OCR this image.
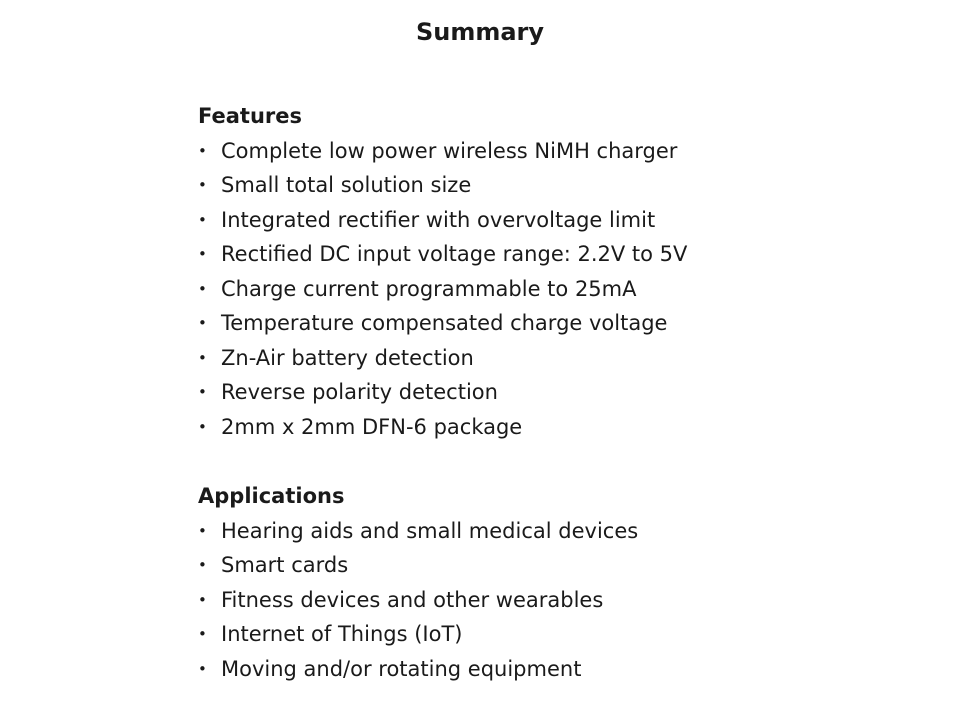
Summary
Features
• Complete low power wireless NiMH charger
• Small total solution size
• Integrated rectifier with overvoltage limit
• Rectified DC input voltage range: 2.2V to 5V
• Charge current programmable to 25mA
• Temperature compensated charge voltage
• Zn-Air battery detection
• Reverse polarity detection
• 2mm x 2mm DFN-6 package
Applications
• Hearing aids and small medical devices
• Smart cards
• Fitness devices and other wearables
• Internet of Things (IoT)
• Moving and/or rotating equipment
